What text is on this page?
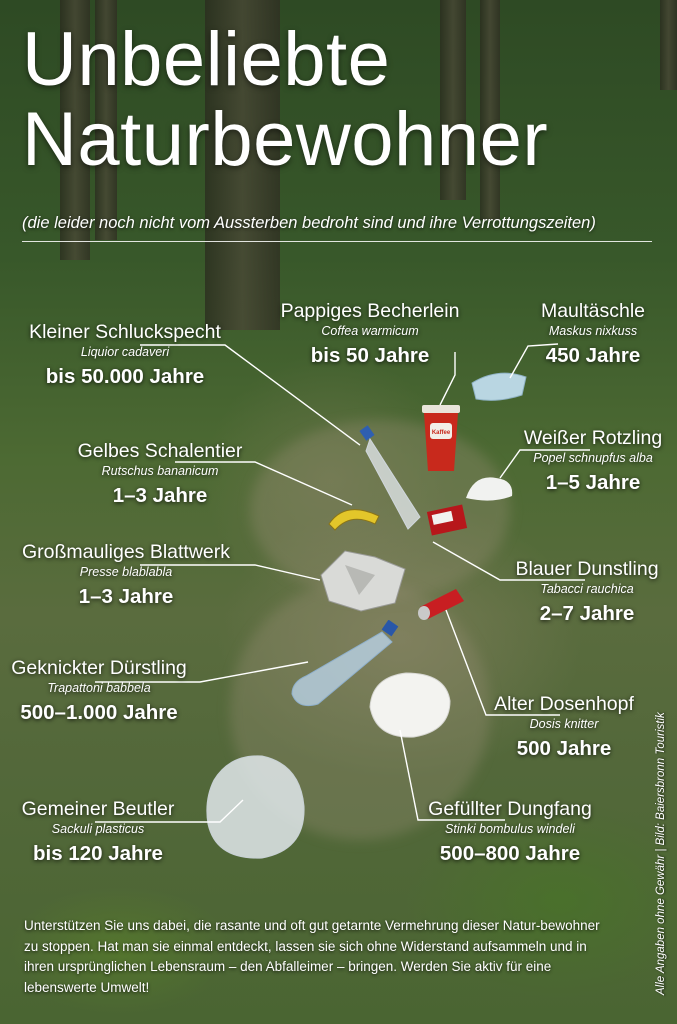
Kaffee
Unbeliebte
Naturbewohner
(die leider noch nicht vom Aussterben bedroht sind und ihre Verrottungszeiten)
Kleiner Schluckspecht
Liquior cadaveri
bis 50.000 Jahre
Pappiges Becherlein
Coffea warmicum
bis 50 Jahre
Maultäschle
Maskus nixkuss
450 Jahre
Gelbes Schalentier
Rutschus bananicum
1–3 Jahre
Weißer Rotzling
Popel schnupfus alba
1–5 Jahre
Großmauliges Blattwerk
Presse blablabla
1–3 Jahre
Blauer Dunstling
Tabacci rauchica
2–7 Jahre
Geknickter Dürstling
Trapattoni babbela
500–1.000 Jahre	Alter Dosenhopf
Dosis knitter
500 Jahre
Gemeiner Beutler
Sackuli plasticus
bis 120 Jahre
Gefüllter Dungfang
Stinki bombulus windeli
500–800 Jahre
Unterstützen Sie uns dabei, die rasante und oft gut getarnte Vermehrung dieser Natur-bewohner zu stoppen. Hat man sie einmal entdeckt, lassen sie sich ohne Widerstand aufsammeln und in ihren ursprünglichen Lebensraum – den Abfalleimer – bringen. Werden Sie aktiv für eine lebenswerte Umwelt!	Alle Angaben ohne Gewähr | Bild: Baiersbronn Touristik
